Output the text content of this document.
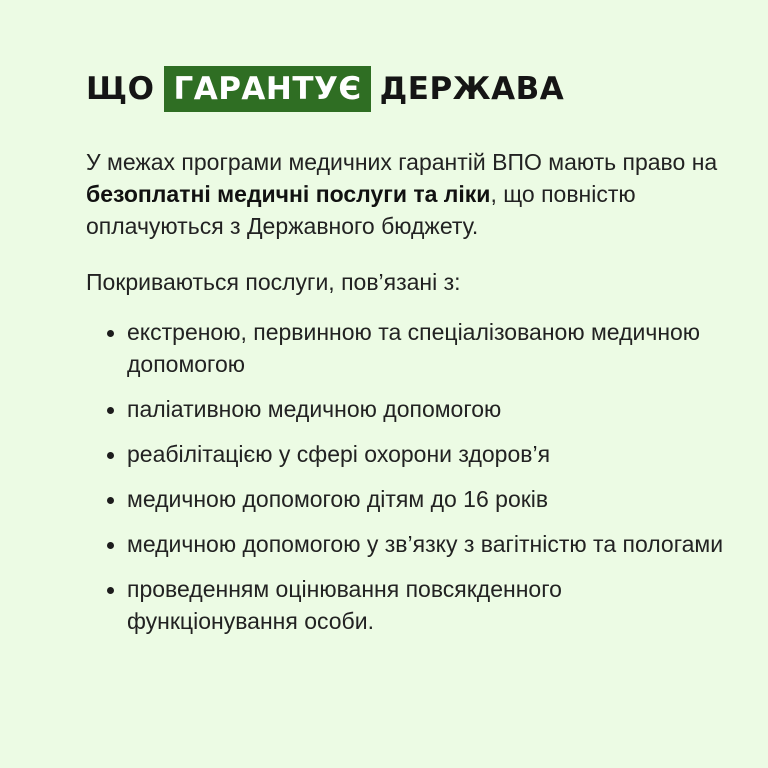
ЩО ГАРАНТУЄ ДЕРЖАВА

У межах програми медичних гарантій ВПО мають право на безоплатні медичні послуги та ліки, що повністю оплачуються з Державного бюджету.

Покриваються послуги, пов’язані з:

екстреною, первинною та спеціалізованою медичною допомогою
паліативною медичною допомогою
реабілітацією у сфері охорони здоров’я
медичною допомогою дітям до 16 років
медичною допомогою у зв’язку з вагітністю та пологами
проведенням оцінювання повсякденного функціонування особи.
